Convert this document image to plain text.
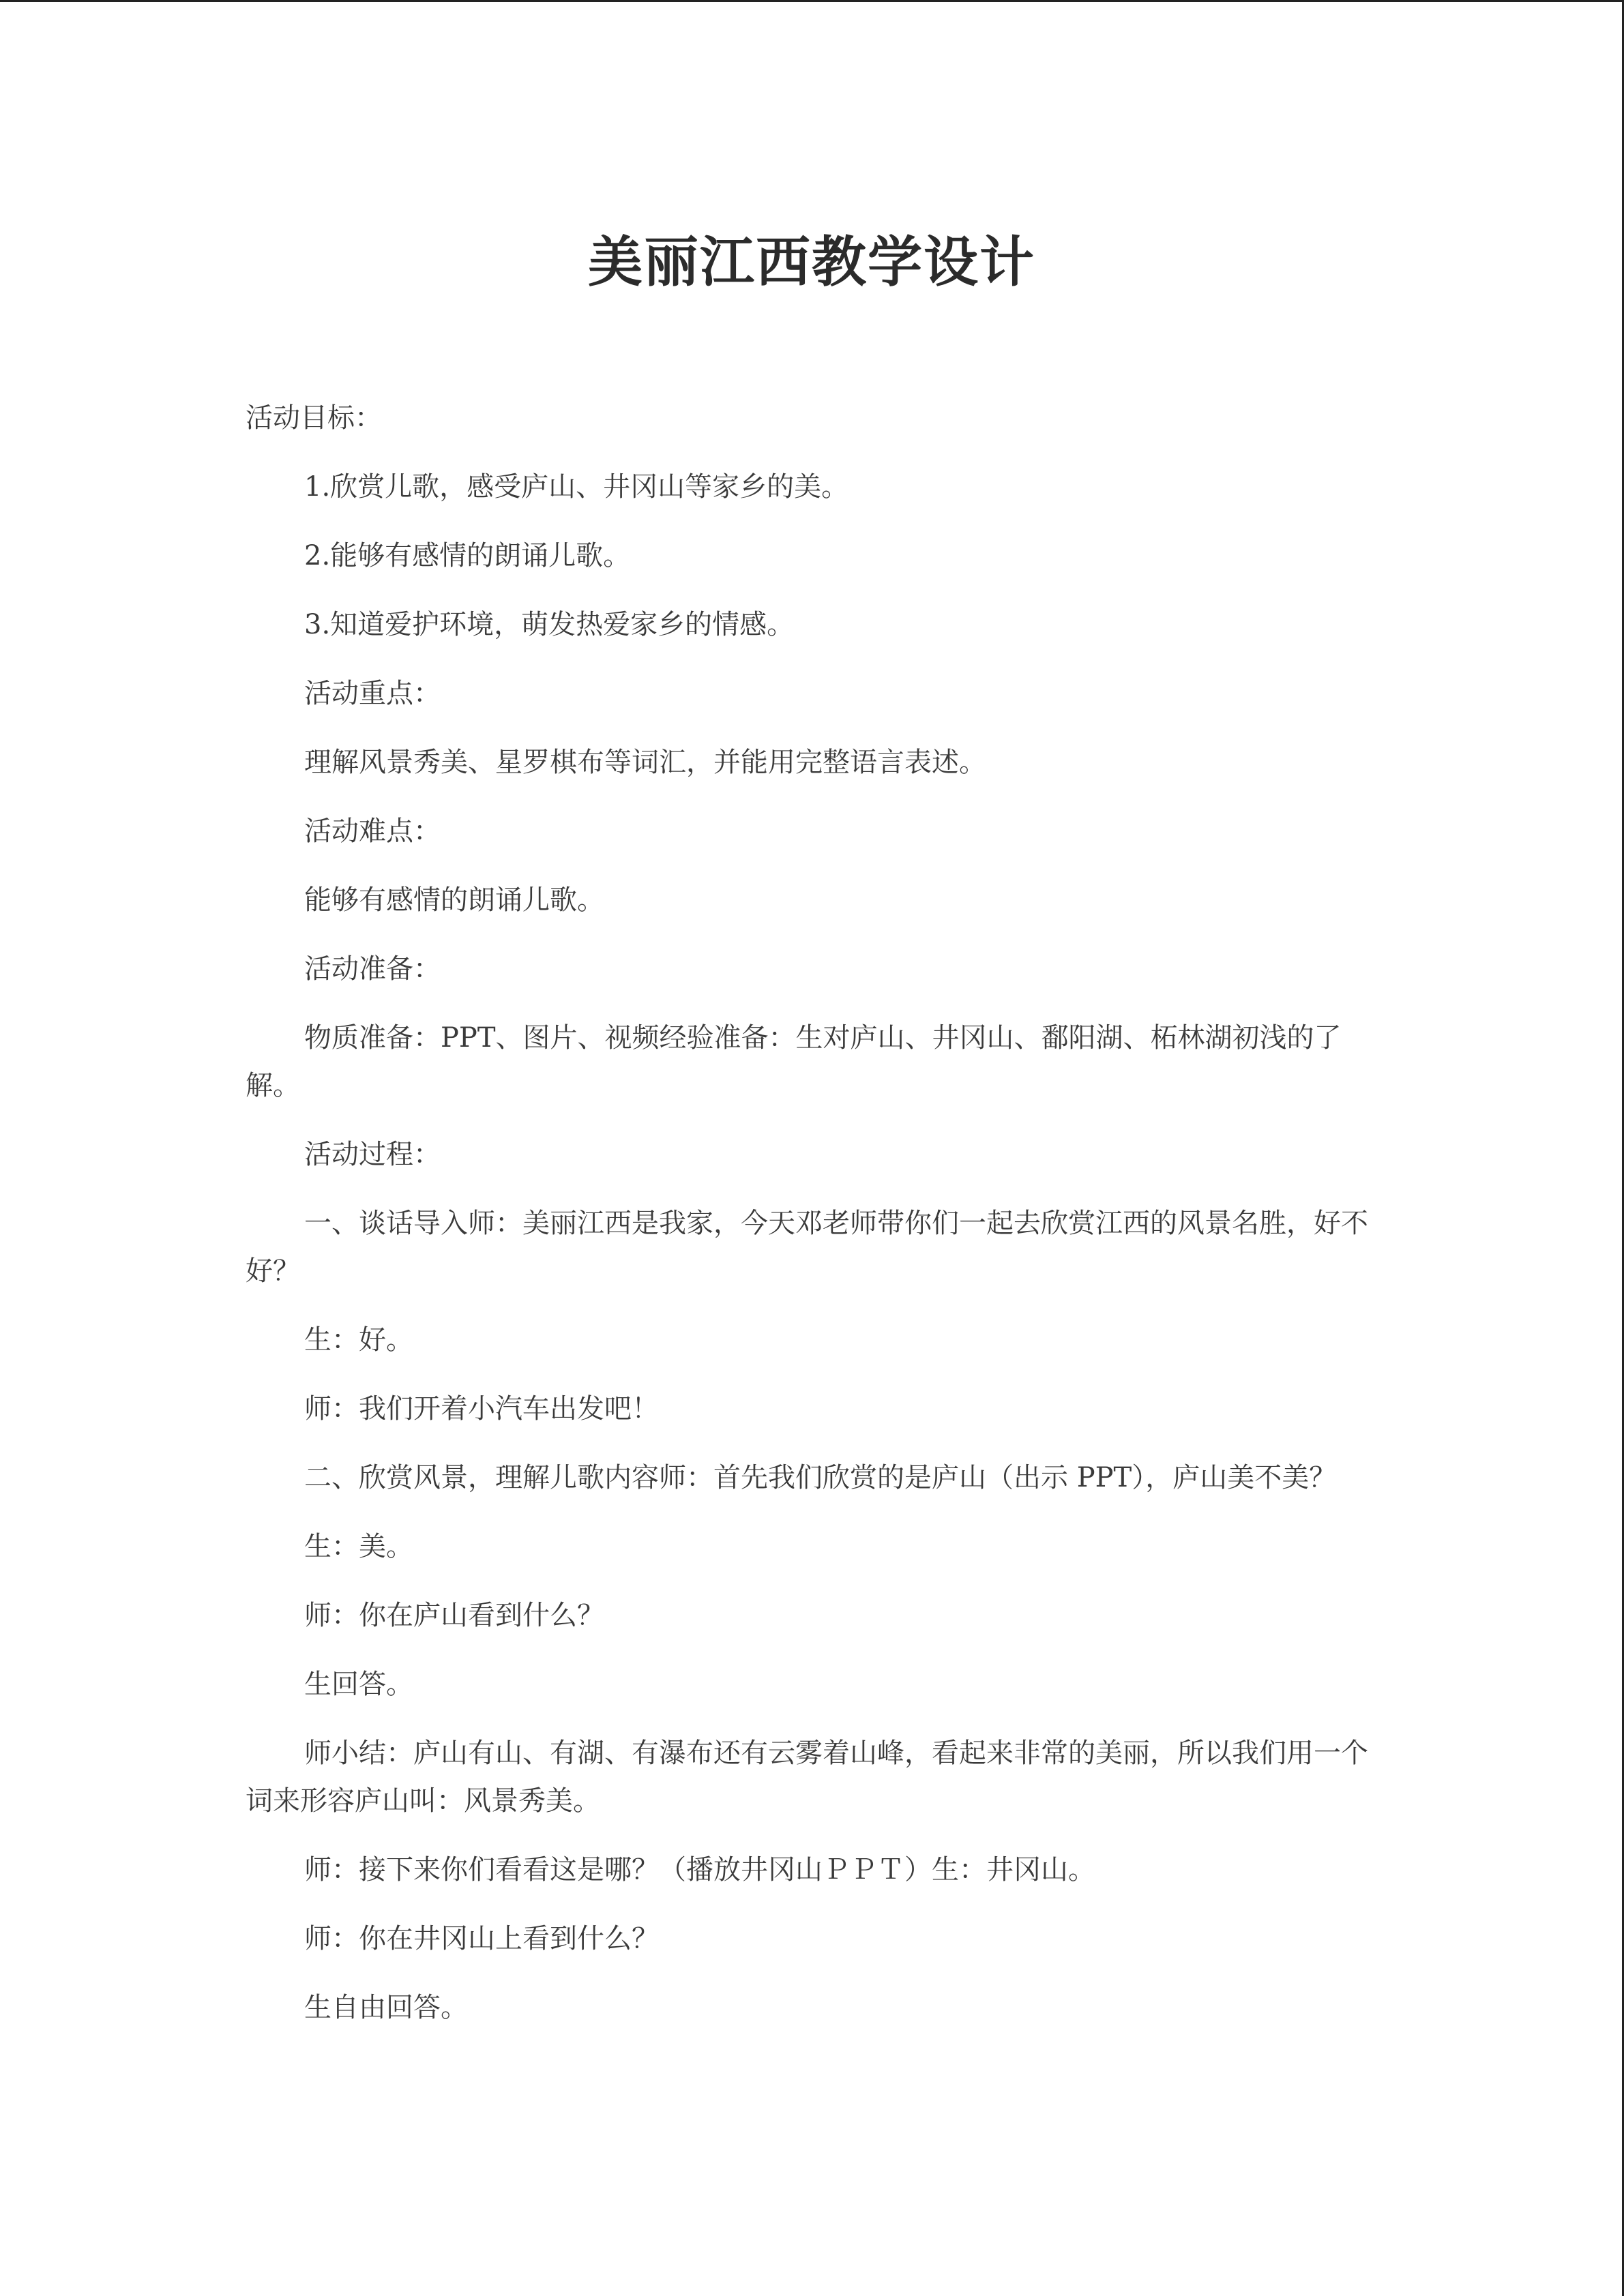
美丽江西教学设计
活动目标：
1.欣赏儿歌，感受庐山、井冈山等家乡的美。
2.能够有感情的朗诵儿歌。
3.知道爱护环境，萌发热爱家乡的情感。
活动重点：
理解风景秀美、星罗棋布等词汇，并能用完整语言表述。
活动难点：
能够有感情的朗诵儿歌。
活动准备：
物质准备：PPT、图片、视频经验准备：生对庐山、井冈山、鄱阳湖、柘林湖初浅的了解。
活动过程：
一、谈话导入师：美丽江西是我家，今天邓老师带你们一起去欣赏江西的风景名胜，好不好？
生：好。
师：我们开着小汽车出发吧！
二、欣赏风景，理解儿歌内容师：首先我们欣赏的是庐山（出示 PPT），庐山美不美？
生：美。
师：你在庐山看到什么？
生回答。
师小结：庐山有山、有湖、有瀑布还有云雾着山峰，看起来非常的美丽，所以我们用一个词来形容庐山叫：风景秀美。
师：接下来你们看看这是哪？（播放井冈山ＰＰＴ）生：井冈山。
师：你在井冈山上看到什么？
生自由回答。
